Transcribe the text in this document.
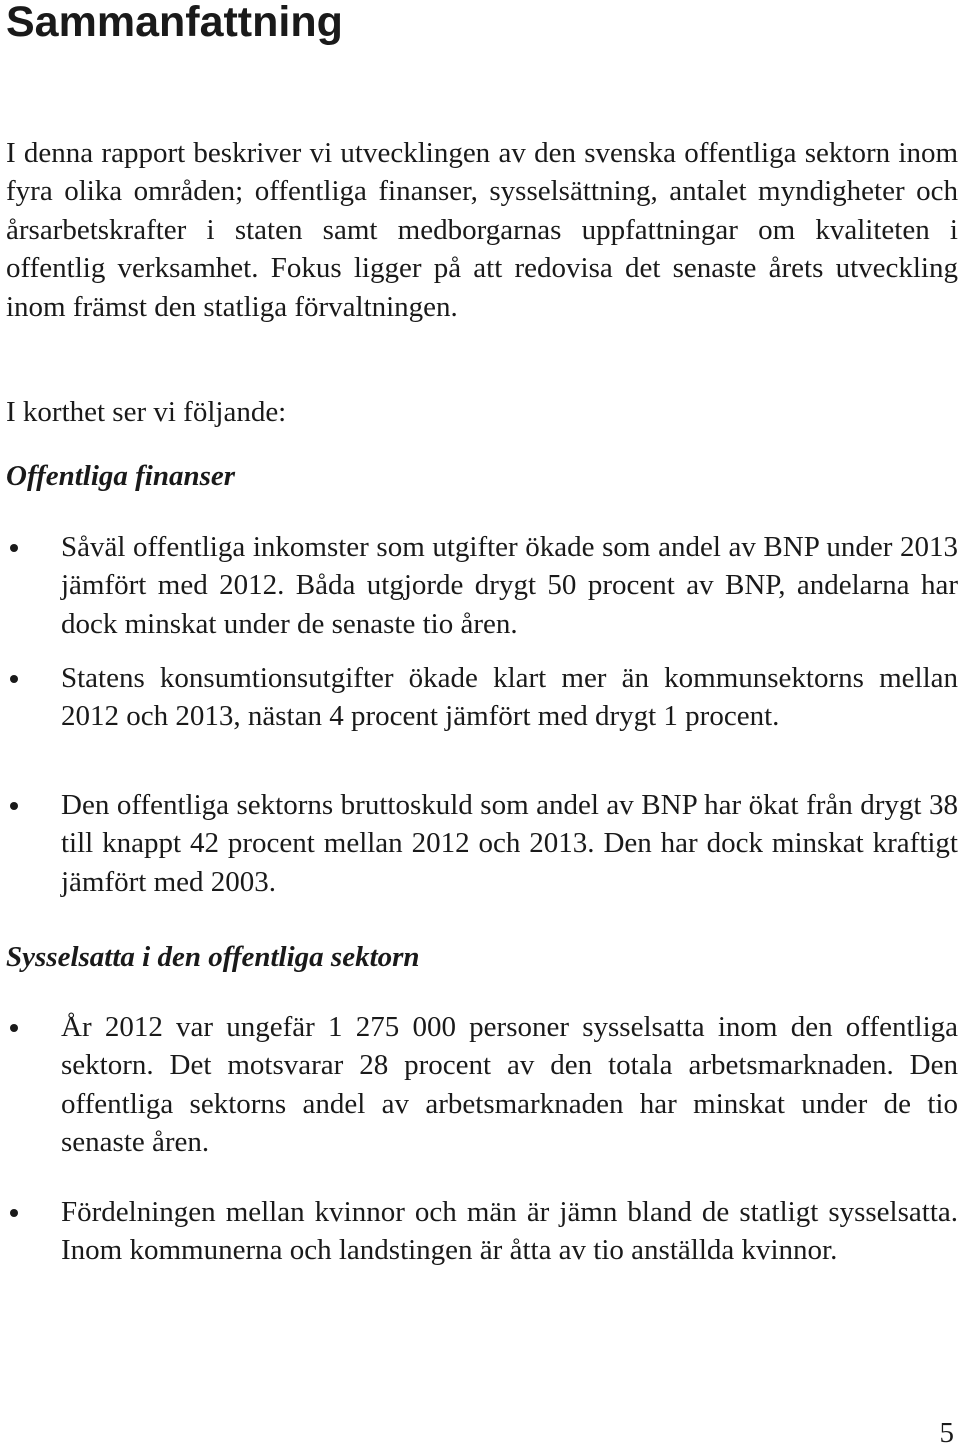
Sammanfattning

I denna rapport beskriver vi utvecklingen av den svenska offentliga sektorn inom fyra olika områden; offentliga finanser, sysselsättning, antalet myndigheter och årsarbetskrafter i staten samt medborgarnas uppfattningar om kvaliteten i offentlig verksamhet. Fokus ligger på att redovisa det senaste årets utveckling inom främst den statliga förvaltningen.

I korthet ser vi följande:

Offentliga finanser

Såväl offentliga inkomster som utgifter ökade som andel av BNP under 2013 jämfört med 2012. Båda utgjorde drygt 50 procent av BNP, andelarna har dock minskat under de senaste tio åren.

Statens konsumtionsutgifter ökade klart mer än kommunsektorns mellan 2012 och 2013, nästan 4 procent jämfört med drygt 1 procent.

Den offentliga sektorns bruttoskuld som andel av BNP har ökat från drygt 38 till knappt 42 procent mellan 2012 och 2013. Den har dock minskat kraftigt jämfört med 2003.

Sysselsatta i den offentliga sektorn

År 2012 var ungefär 1 275 000 personer sysselsatta inom den offentliga sektorn. Det motsvarar 28 procent av den totala arbetsmarknaden. Den offentliga sektorns andel av arbetsmarknaden har minskat under de tio senaste åren.

Fördelningen mellan kvinnor och män är jämn bland de statligt sysselsatta. Inom kommunerna och landstingen är åtta av tio anställda kvinnor.

5
